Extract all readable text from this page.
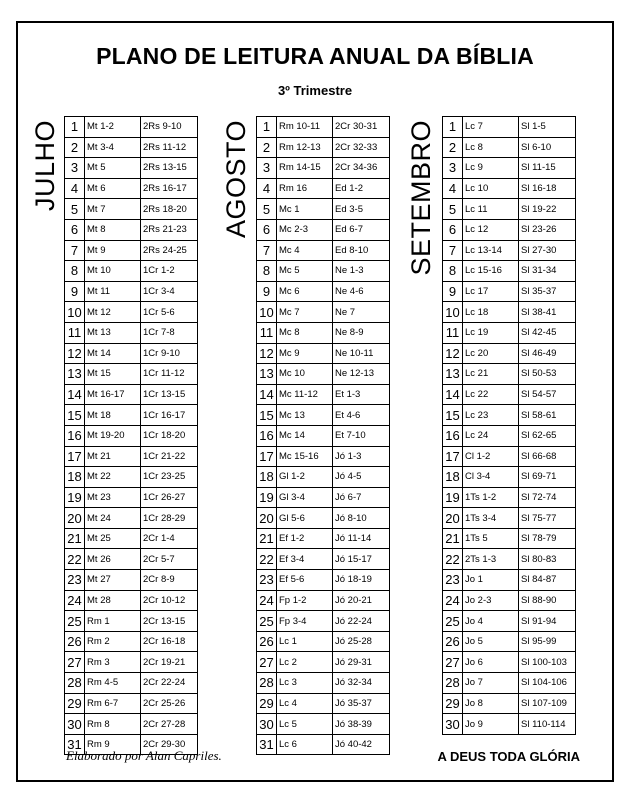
PLANO DE LEITURA ANUAL DA BÍBLIA
3º Trimestre
JULHO 1	Mt 1-2	2Rs 9-10
2	Mt 3-4	2Rs 11-12
3	Mt 5	2Rs 13-15
4	Mt 6	2Rs 16-17
5	Mt 7	2Rs 18-20
6	Mt 8	2Rs 21-23
7	Mt 9	2Rs 24-25
8	Mt 10	1Cr 1-2
9	Mt 11	1Cr 3-4
10	Mt 12	1Cr 5-6
11	Mt 13	1Cr 7-8
12	Mt 14	1Cr 9-10
13	Mt 15	1Cr 11-12
14	Mt 16-17	1Cr 13-15
15	Mt 18	1Cr 16-17
16	Mt 19-20	1Cr 18-20
17	Mt 21	1Cr 21-22
18	Mt 22	1Cr 23-25
19	Mt 23	1Cr 26-27
20	Mt 24	1Cr 28-29
21	Mt 25	2Cr 1-4
22	Mt 26	2Cr 5-7
23	Mt 27	2Cr 8-9
24	Mt 28	2Cr 10-12
25	Rm 1	2Cr 13-15
26	Rm 2	2Cr 16-18
27	Rm 3	2Cr 19-21
28	Rm 4-5	2Cr 22-24
29	Rm 6-7	2Cr 25-26
30	Rm 8	2Cr 27-28
31	Rm 9	2Cr 29-30
AGOSTO 1	Rm 10-11	2Cr 30-31
2	Rm 12-13	2Cr 32-33
3	Rm 14-15	2Cr 34-36
4	Rm 16	Ed 1-2
5	Mc 1	Ed 3-5
6	Mc 2-3	Ed 6-7
7	Mc 4	Ed 8-10
8	Mc 5	Ne 1-3
9	Mc 6	Ne 4-6
10	Mc 7	Ne 7
11	Mc 8	Ne 8-9
12	Mc 9	Ne 10-11
13	Mc 10	Ne 12-13
14	Mc 11-12	Et 1-3
15	Mc 13	Et 4-6
16	Mc 14	Et 7-10
17	Mc 15-16	Jó 1-3
18	Gl 1-2	Jó 4-5
19	Gl 3-4	Jó 6-7
20	Gl 5-6	Jó 8-10
21	Ef 1-2	Jó 11-14
22	Ef 3-4	Jó 15-17
23	Ef 5-6	Jó 18-19
24	Fp 1-2	Jó 20-21
25	Fp 3-4	Jó 22-24
26	Lc 1	Jó 25-28
27	Lc 2	Jó 29-31
28	Lc 3	Jó 32-34
29	Lc 4	Jó 35-37
30	Lc 5	Jó 38-39
31	Lc 6	Jó 40-42
SETEMBRO 1	Lc 7	Sl 1-5
2	Lc 8	Sl 6-10
3	Lc 9	Sl 11-15
4	Lc 10	Sl 16-18
5	Lc 11	Sl 19-22
6	Lc 12	Sl 23-26
7	Lc 13-14	Sl 27-30
8	Lc 15-16	Sl 31-34
9	Lc 17	Sl 35-37
10	Lc 18	Sl 38-41
11	Lc 19	Sl 42-45
12	Lc 20	Sl 46-49
13	Lc 21	Sl 50-53
14	Lc 22	Sl 54-57
15	Lc 23	Sl 58-61
16	Lc 24	Sl 62-65
17	Cl 1-2	Sl 66-68
18	Cl 3-4	Sl 69-71
19	1Ts 1-2	Sl 72-74
20	1Ts 3-4	Sl 75-77
21	1Ts 5	Sl 78-79
22	2Ts 1-3	Sl 80-83
23	Jo 1	Sl 84-87
24	Jo 2-3	Sl 88-90
25	Jo 4	Sl 91-94
26	Jo 5	Sl 95-99
27	Jo 6	Sl 100-103
28	Jo 7	Sl 104-106
29	Jo 8	Sl 107-109
30	Jo 9	Sl 110-114
Elaborado por Alan Capriles.	A DEUS TODA GLÓRIA
